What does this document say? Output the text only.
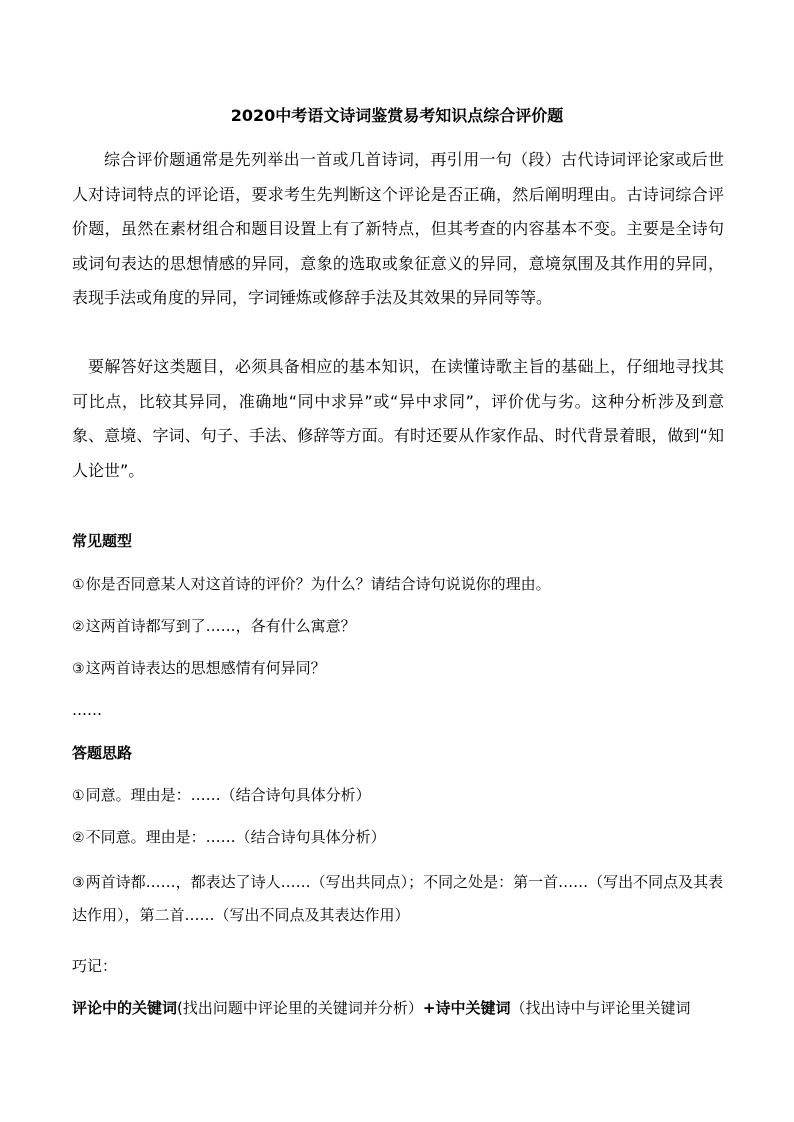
2020中考语文诗词鉴赏易考知识点综合评价题

综合评价题通常是先列举出一首或几首诗词，再引用一句（段）古代诗词评论家或后世人对诗词特点的评论语，要求考生先判断这个评论是否正确，然后阐明理由。古诗词综合评价题，虽然在素材组合和题目设置上有了新特点，但其考查的内容基本不变。主要是全诗句或词句表达的思想情感的异同，意象的选取或象征意义的异同，意境氛围及其作用的异同，表现手法或角度的异同，字词锤炼或修辞手法及其效果的异同等等。

要解答好这类题目，必须具备相应的基本知识，在读懂诗歌主旨的基础上，仔细地寻找其可比点，比较其异同，准确地“同中求异”或“异中求同”，评价优与劣。这种分析涉及到意象、意境、字词、句子、手法、修辞等方面。有时还要从作家作品、时代背景着眼，做到“知人论世”。

常见题型

①你是否同意某人对这首诗的评价？为什么？请结合诗句说说你的理由。

②这两首诗都写到了……，各有什么寓意？

③这两首诗表达的思想感情有何异同？

……

答题思路

①同意。理由是：……（结合诗句具体分析）

②不同意。理由是：……（结合诗句具体分析）

③两首诗都……，都表达了诗人……（写出共同点）；不同之处是：第一首……（写出不同点及其表达作用），第二首……（写出不同点及其表达作用）

巧记：

评论中的关键词(找出问题中评论里的关键词并分析）+诗中关键词（找出诗中与评论里关键词
